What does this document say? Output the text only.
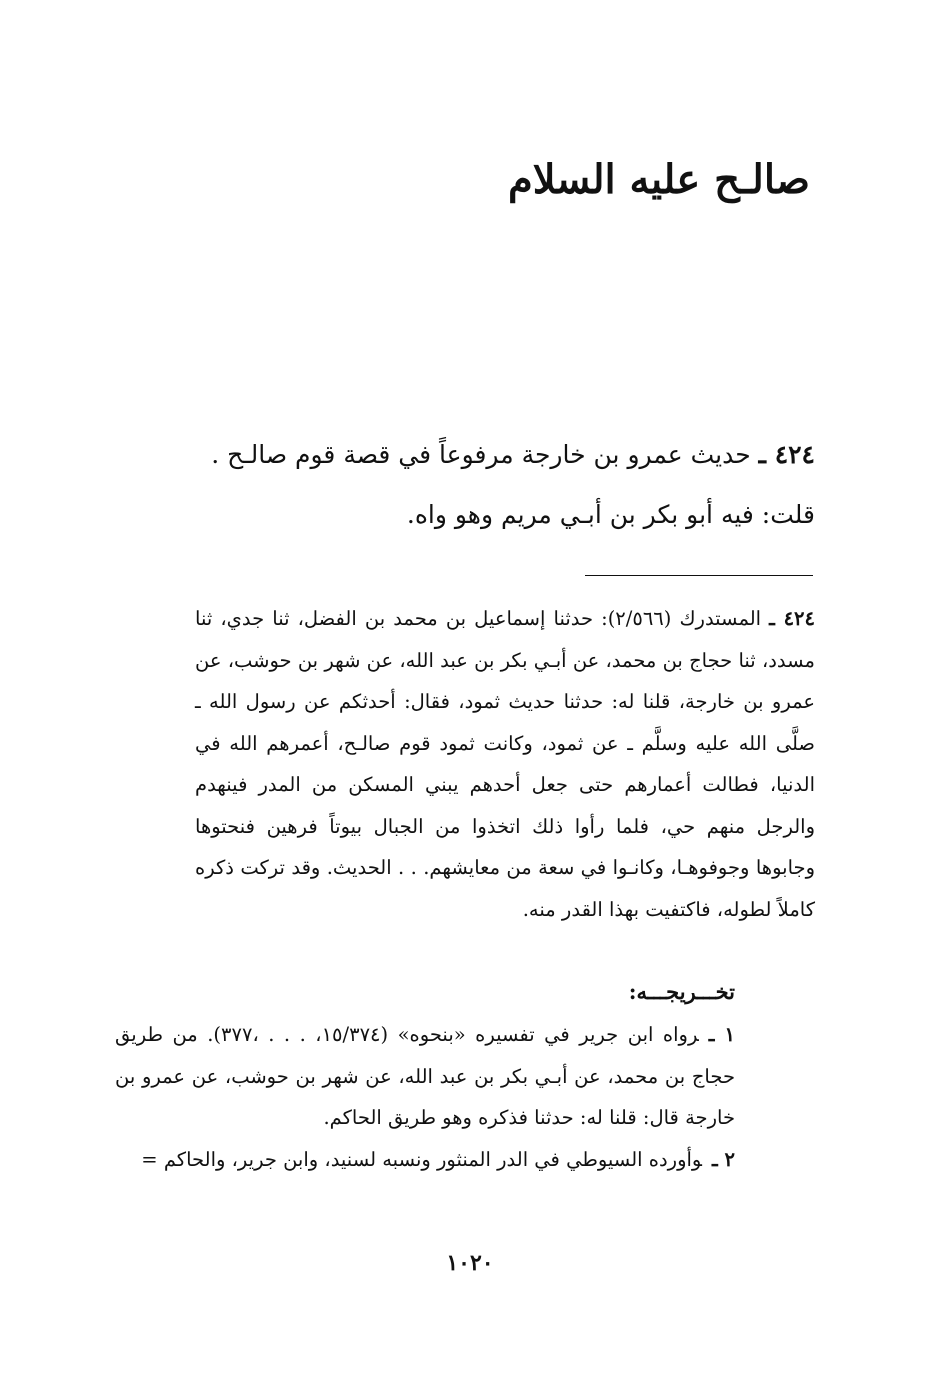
صالـح عليه السلام

٤٢٤ ـ حديث عمرو بن خارجة مرفوعاً في قصة قوم صالـح .

قلت: فيه أبو بكر بن أبـي مريم وهو واه.

٤٢٤ ـ المستدرك (٢/٥٦٦): حدثنا إسماعيل بن محمد بن الفضل، ثنا جدي، ثنا مسدد، ثنا حجاج بن محمد، عن أبـي بكر بن عبد الله، عن شهر بن حوشب، عن عمرو بن خارجة، قلنا له: حدثنا حديث ثمود، فقال: أحدثكم عن رسول الله ـ صلَّى الله عليه وسلَّم ـ عن ثمود، وكانت ثمود قوم صالـح، أعمرهم الله في الدنيا، فطالت أعمارهم حتى جعل أحدهم يبني المسكن من المدر فينهدم والرجل منهم حي، فلما رأوا ذلك اتخذوا من الجبال بيوتاً فرهين فنحتوها وجابوها وجوفوهـا، وكانـوا في سعة من معايشهم. . . الحديث. وقد تركت ذكره كاملاً لطوله، فاكتفيت بهذا القدر منه.

تخـــريجـــه:

١ ـرواه ابن جرير في تفسيره «بنحوه» (١٥/٣٧٤، . . . ،٣٧٧). من طريق حجاج بن محمد، عن أبـي بكر بن عبد الله، عن شهر بن حوشب، عن عمرو بن خارجة قال: قلنا له: حدثنا فذكره وهو طريق الحاكم.

٢ ـوأورده السيوطي في الدر المنثور ونسبه لسنيد، وابن جرير، والحاكم =

١٠٢٠
